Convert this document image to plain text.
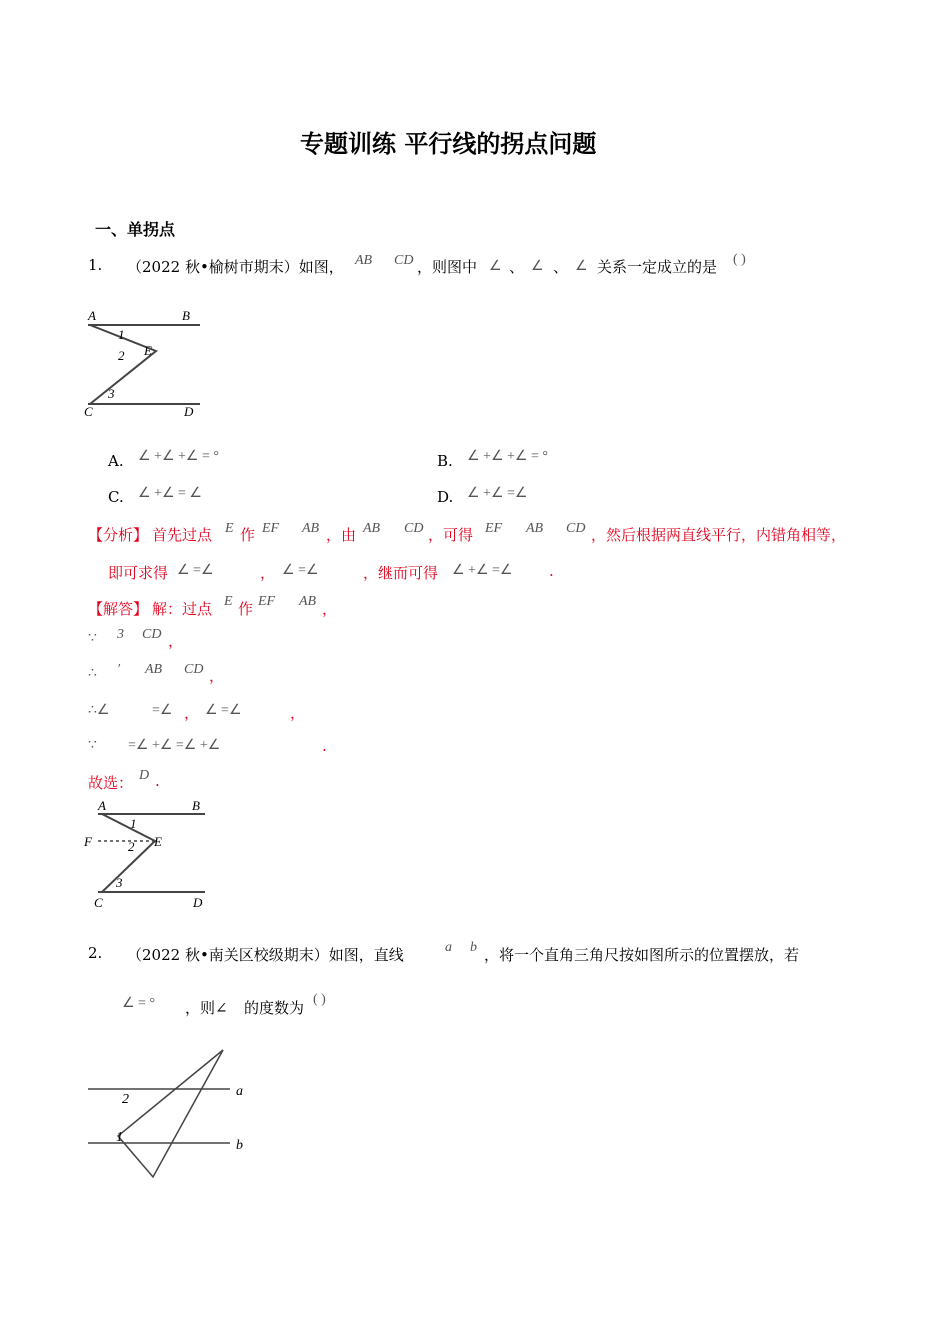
专题训练 平行线的拐点问题
一、单拐点
1. （2022 秋•榆树市期末）如图， AB CD ，则图中 ∠ 、 ∠ 、 ∠ 关系一定成立的是 ( )
A	B
1
2 E
3
C	D
A. ∠ +∠ +∠ = °	B. ∠ +∠ +∠ = °
C. ∠ +∠ = ∠	D. ∠ +∠ =∠
【分析】 首先过点 E 作 EF AB ，由 AB CD ，可得 EF AB CD ，然后根据两直线平行，内错角相等，
即可求得 ∠ =∠	， ∠ =∠	，继而可得 ∠ +∠ =∠ .
【解答】 解：过点 E 作 EF AB ，
∵ 3 CD ，
∴ ′ AB CD ，
∴∠	=∠ ， ∠ =∠	，
∵ =∠ +∠ =∠ +∠	.
故选： D .
A	B
1
F	2 E
3
C	D
2. （2022 秋•南关区校级期末）如图，直线	a b ，将一个直角三角尺按如图所示的位置摆放，若
∠ = ° ，则∠ 的度数为 ( )
2
a
1
b
